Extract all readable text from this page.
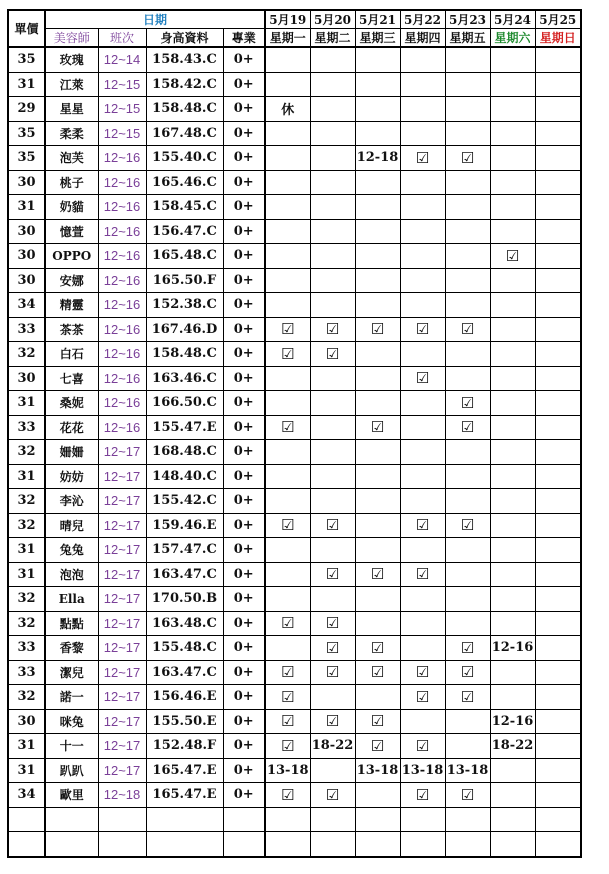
單價	日期				5月19	5月20	5月21	5月22	5月23	5月24	5月25
	美容師	班次	身高資料	專業	星期一	星期二	星期三	星期四	星期五	星期六	星期日
35	玫瑰	12~14	158.43.C	0+							
31	江萊	12~15	158.42.C	0+							
29	星星	12~15	158.48.C	0+	休						
35	柔柔	12~15	167.48.C	0+							
35	泡芙	12~16	155.40.C	0+			12-18	☑	☑		
30	桃子	12~16	165.46.C	0+							
31	奶貓	12~16	158.45.C	0+							
30	憶萱	12~16	156.47.C	0+							
30	OPPO	12~16	165.48.C	0+						☑	
30	安娜	12~16	165.50.F	0+							
34	精靈	12~16	152.38.C	0+							
33	茶茶	12~16	167.46.D	0+	☑	☑	☑	☑	☑		
32	白石	12~16	158.48.C	0+	☑	☑					
30	七喜	12~16	163.46.C	0+				☑			
31	桑妮	12~16	166.50.C	0+					☑		
33	花花	12~16	155.47.E	0+	☑		☑		☑		
32	姍姍	12~17	168.48.C	0+							
31	妨妨	12~17	148.40.C	0+							
32	李沁	12~17	155.42.C	0+							
32	晴兒	12~17	159.46.E	0+	☑	☑		☑	☑		
31	兔兔	12~17	157.47.C	0+							
31	泡泡	12~17	163.47.C	0+		☑	☑	☑			
32	Ella	12~17	170.50.B	0+							
32	點點	12~17	163.48.C	0+	☑	☑					
33	香黎	12~17	155.48.C	0+		☑	☑		☑	12-16	
33	潔兒	12~17	163.47.C	0+	☑	☑	☑	☑	☑		
32	諾一	12~17	156.46.E	0+	☑			☑	☑		
30	咪兔	12~17	155.50.E	0+	☑	☑	☑			12-16	
31	十一	12~17	152.48.F	0+	☑	18-22	☑	☑		18-22	
31	趴趴	12~17	165.47.E	0+	13-18		13-18	13-18	13-18		
34	歐里	12~18	165.47.E	0+	☑	☑		☑	☑		
